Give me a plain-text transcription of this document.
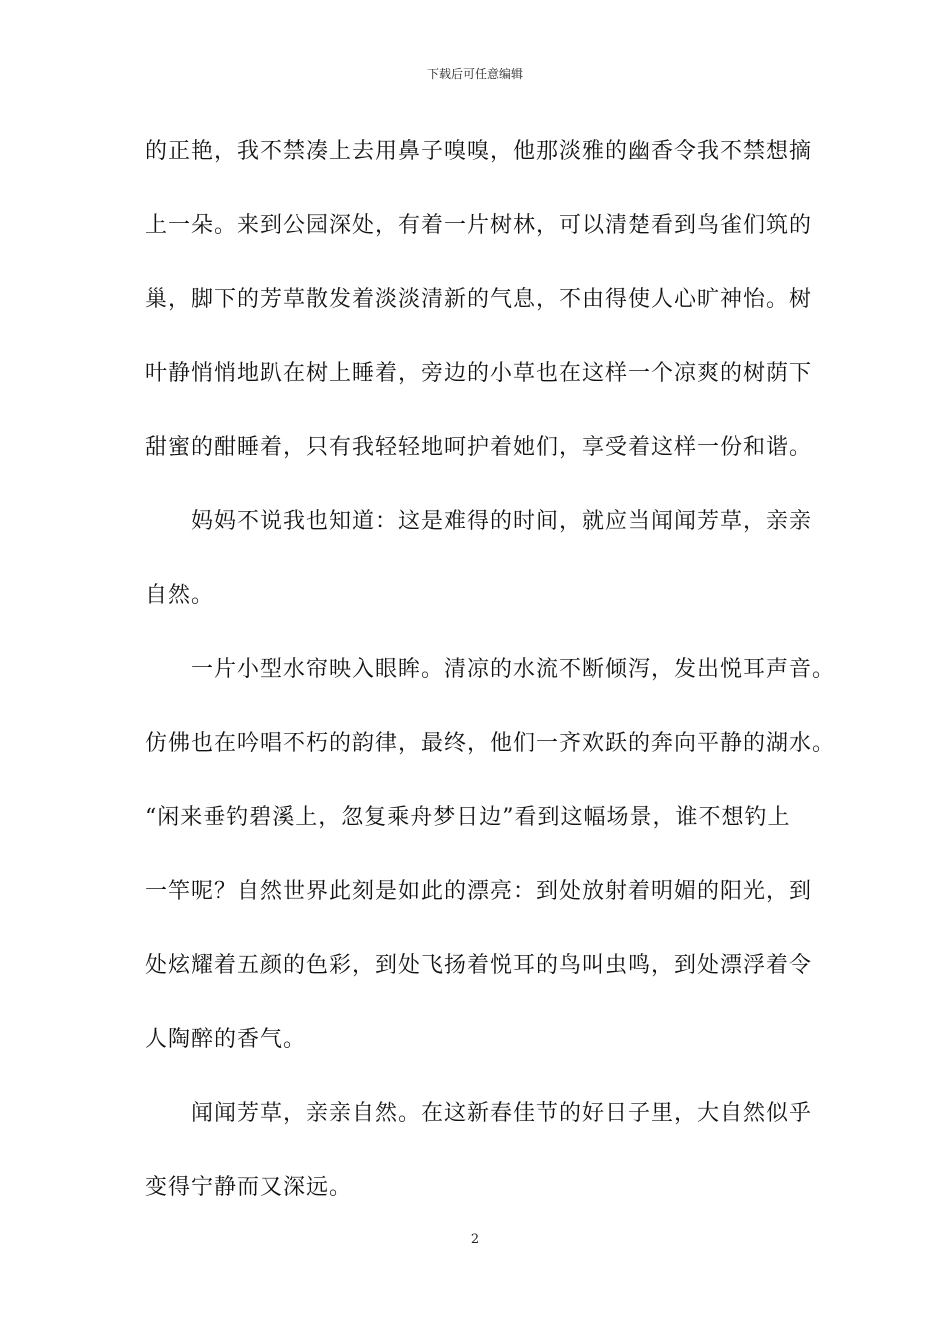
下载后可任意编辑
的正艳，我不禁凑上去用鼻子嗅嗅，他那淡雅的幽香令我不禁想摘
上一朵。来到公园深处，有着一片树林，可以清楚看到鸟雀们筑的
巢，脚下的芳草散发着淡淡清新的气息，不由得使人心旷神怡。树
叶静悄悄地趴在树上睡着，旁边的小草也在这样一个凉爽的树荫下
甜蜜的酣睡着，只有我轻轻地呵护着她们，享受着这样一份和谐。
妈妈不说我也知道：这是难得的时间，就应当闻闻芳草，亲亲
自然。
一片小型水帘映入眼眸。清凉的水流不断倾泻，发出悦耳声音。
仿佛也在吟唱不朽的韵律，最终，他们一齐欢跃的奔向平静的湖水。
“闲来垂钓碧溪上，忽复乘舟梦日边”看到这幅场景，谁不想钓上
一竿呢？自然世界此刻是如此的漂亮：到处放射着明媚的阳光，到
处炫耀着五颜的色彩，到处飞扬着悦耳的鸟叫虫鸣，到处漂浮着令
人陶醉的香气。
闻闻芳草，亲亲自然。在这新春佳节的好日子里，大自然似乎
变得宁静而又深远。
2
